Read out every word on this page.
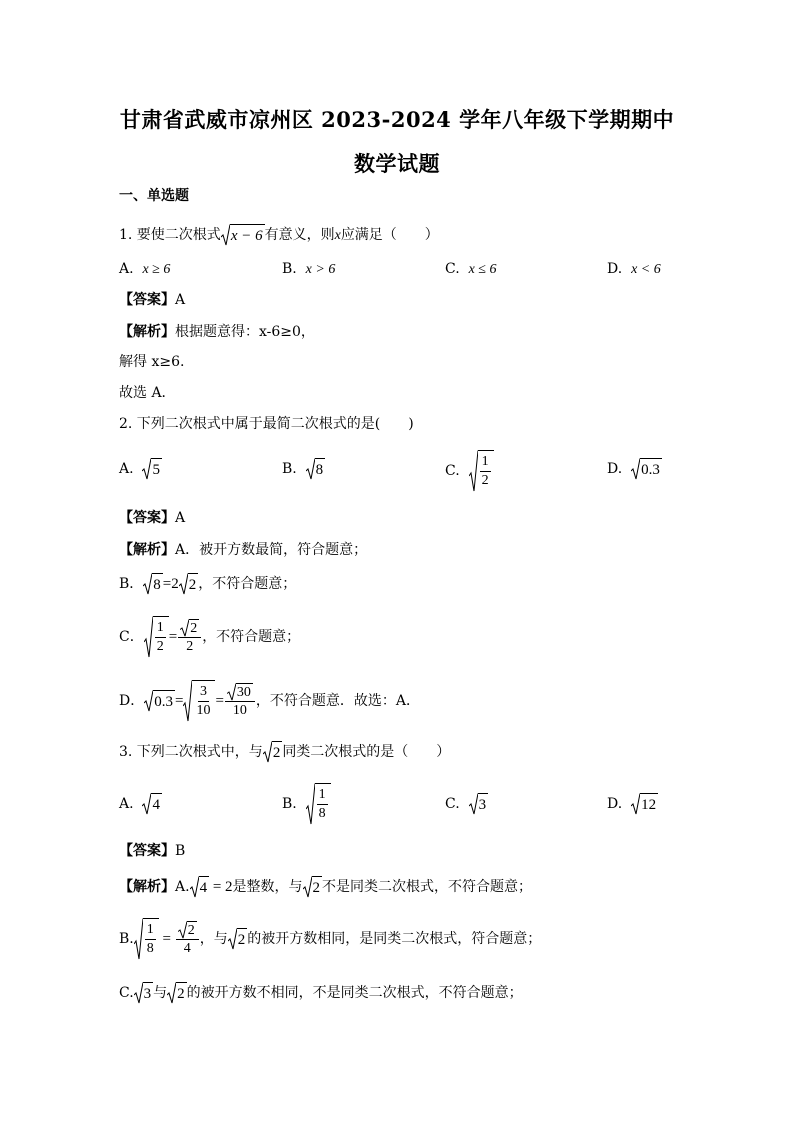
甘肃省武威市凉州区 2023-2024 学年八年级下学期期中
数学试题
一、单选题
1. 要使二次根式 x − 6 有意义，则x应满足（　　）
A. x ≥ 6	B. x > 6	C. x ≤ 6	D. x < 6
【答案】A
【解析】根据题意得：x-6≥0，
解得 x≥6.
故选 A．
2. 下列二次根式中属于最简二次根式的是(　　)
A. 5	B. 8	C. $\frac{1}{2}$	D. 0.3
【答案】A
【解析】A．被开方数最简，符合题意；
B． 8 =2 2 ，不符合题意；
C． $\frac{1}{2} = \frac{2}{2}$ ，不符合题意；
D． $0.3 = \frac{3}{10} = \frac{30}{10}$ ，不符合题意．故选：A．
3. 下列二次根式中，与 2 同类二次根式的是（　　）
A. 4	B. $\frac{1}{8}$	C. 3	D. 12
【答案】B
【解析】A. 4 = 2是整数，与 2 不是同类二次根式，不符合题意；
B. $\frac{1}{8} = \frac{2}{4}$ ，与 2 的被开方数相同，是同类二次根式，符合题意；
C. 3 与 2 的被开方数不相同，不是同类二次根式，不符合题意；
